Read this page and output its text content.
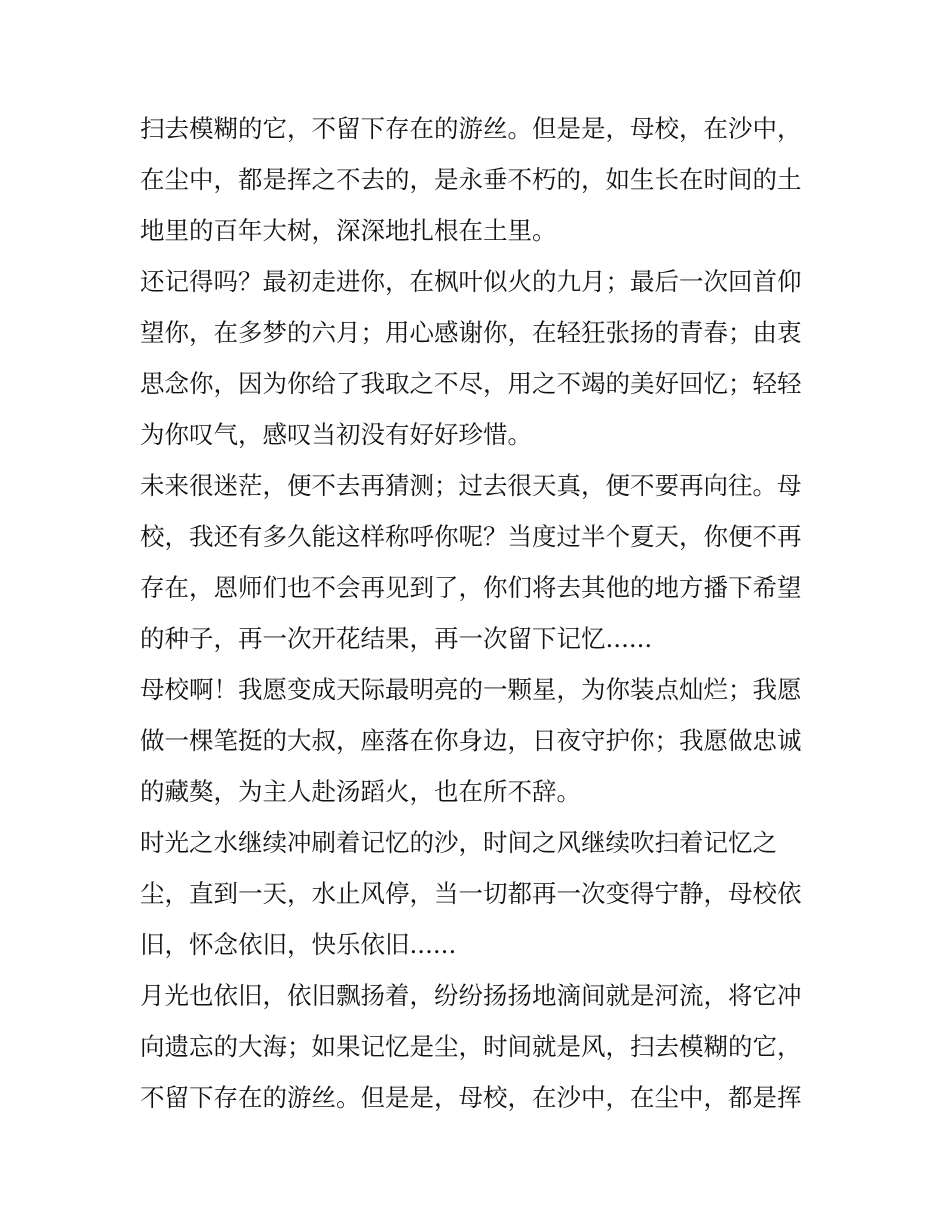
扫去模糊的它，不留下存在的游丝。但是是，母校，在沙中，
在尘中，都是挥之不去的，是永垂不朽的，如生长在时间的土
地里的百年大树，深深地扎根在土里。
还记得吗？最初走进你，在枫叶似火的九月；最后一次回首仰
望你，在多梦的六月；用心感谢你，在轻狂张扬的青春；由衷
思念你，因为你给了我取之不尽，用之不竭的美好回忆；轻轻
为你叹气，感叹当初没有好好珍惜。
未来很迷茫，便不去再猜测；过去很天真，便不要再向往。母
校，我还有多久能这样称呼你呢？当度过半个夏天，你便不再
存在，恩师们也不会再见到了，你们将去其他的地方播下希望
的种子，再一次开花结果，再一次留下记忆......
母校啊！我愿变成天际最明亮的一颗星，为你装点灿烂；我愿
做一棵笔挺的大叔，座落在你身边，日夜守护你；我愿做忠诚
的藏獒，为主人赴汤蹈火，也在所不辞。
时光之水继续冲刷着记忆的沙，时间之风继续吹扫着记忆之
尘，直到一天，水止风停，当一切都再一次变得宁静，母校依
旧，怀念依旧，快乐依旧......
月光也依旧，依旧飘扬着，纷纷扬扬地滴间就是河流，将它冲
向遗忘的大海；如果记忆是尘，时间就是风，扫去模糊的它，
不留下存在的游丝。但是是，母校，在沙中，在尘中，都是挥
